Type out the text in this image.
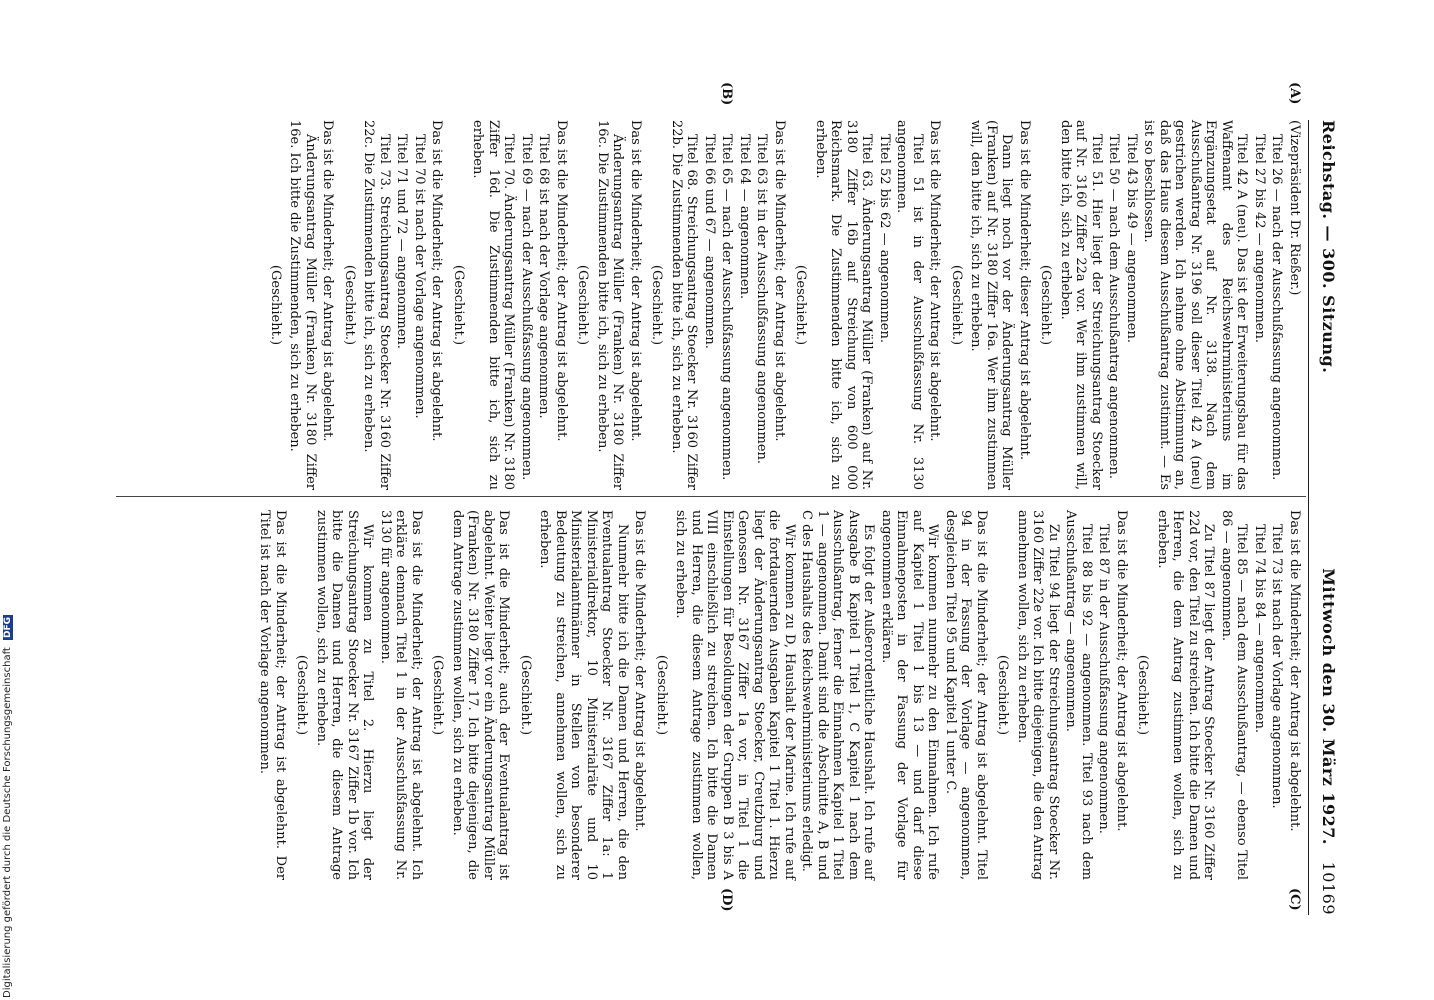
Reichstag. — 300. Sitzung.
Mittwoch den 30. März 1927.
10169
(A)
(B)
(C)
(D)
(Vizepräsident Dr. Rießer.)
Titel 26 — nach der Ausschußfassung angenommen.
Titel 27 bis 42 — angenommen.
Titel 42 A (neu). Das ist der Erweiterungsbau für das Waffenamt des Reichswehrministeriums im Ergänzungsetat auf Nr. 3138. Nach dem Ausschußantrag Nr. 3196 soll dieser Titel 42 A (neu) gestrichen werden. Ich nehme ohne Abstimmung an, daß das Haus diesem Ausschußantrag zustimmt. — Es ist so beschlossen.
Titel 43 bis 49 — angenommen.
Titel 50 — nach dem Ausschußantrag angenommen.
Titel 51. Hier liegt der Streichungsantrag Stoecker auf Nr. 3160 Ziffer 22a vor. Wer ihm zustimmen will, den bitte ich, sich zu erheben.
(Geschieht.)
Das ist die Minderheit; dieser Antrag ist abgelehnt.
Dann liegt noch vor der Änderungsantrag Müller (Franken) auf Nr. 3180 Ziffer 16a. Wer ihm zustimmen will, den bitte ich, sich zu erheben.
(Geschieht.)
Das ist die Minderheit; der Antrag ist abgelehnt.
Titel 51 ist in der Ausschußfassung Nr. 3130 angenommen.
Titel 52 bis 62 — angenommen.
Titel 63. Änderungsantrag Müller (Franken) auf Nr. 3180 Ziffer 16b auf Streichung von 600 000 Reichsmark. Die Zustimmenden bitte ich, sich zu erheben.
(Geschieht.)
Das ist die Minderheit; der Antrag ist abgelehnt.
Titel 63 ist in der Ausschußfassung angenommen.
Titel 64 — angenommen.
Titel 65 — nach der Ausschußfassung angenommen.
Titel 66 und 67 — angenommen.
Titel 68. Streichungsantrag Stoecker Nr. 3160 Ziffer 22b. Die Zustimmenden bitte ich, sich zu erheben.
(Geschieht.)
Das ist die Minderheit; der Antrag ist abgelehnt.
Änderungsantrag Müller (Franken) Nr. 3180 Ziffer 16c. Die Zustimmenden bitte ich, sich zu erheben.
(Geschieht.)
Das ist die Minderheit; der Antrag ist abgelehnt.
Titel 68 ist nach der Vorlage angenommen.
Titel 69 — nach der Ausschußfassung angenommen.
Titel 70. Änderungsantrag Müller (Franken) Nr. 3180 Ziffer 16d. Die Zustimmenden bitte ich, sich zu erheben.
(Geschieht.)
Das ist die Minderheit; der Antrag ist abgelehnt.
Titel 70 ist nach der Vorlage angenommen.
Titel 71 und 72 — angenommen.
Titel 73. Streichungsantrag Stoecker Nr. 3160 Ziffer 22c. Die Zustimmenden bitte ich, sich zu erheben.
(Geschieht.)
Das ist die Minderheit; der Antrag ist abgelehnt.
Änderungsantrag Müller (Franken) Nr. 3180 Ziffer 16e. Ich bitte die Zustimmenden, sich zu erheben.
(Geschieht.)
Das ist die Minderheit; der Antrag ist abgelehnt.
Titel 73 ist nach der Vorlage angenommen.
Titel 74 bis 84 — angenommen.
Titel 85 — nach dem Ausschußantrag, — ebenso Titel 86 — angenommen.
Zu Titel 87 liegt der Antrag Stoecker Nr. 3160 Ziffer 22d vor, den Titel zu streichen. Ich bitte die Damen und Herren, die dem Antrag zustimmen wollen, sich zu erheben.
(Geschieht.)
Das ist die Minderheit; der Antrag ist abgelehnt.
Titel 87 in der Ausschußfassung angenommen.
Titel 88 bis 92 — angenommen. Titel 93 nach dem Ausschußantrag — angenommen.
Zu Titel 94 liegt der Streichungsantrag Stoecker Nr. 3160 Ziffer 22e vor. Ich bitte diejenigen, die den Antrag annehmen wollen, sich zu erheben.
(Geschieht.)
Das ist die Minderheit; der Antrag ist abgelehnt. Titel 94 in der Fassung der Vorlage — angenommen, desgleichen Titel 95 und Kapitel 1 unter C.
Wir kommen nunmehr zu den Einnahmen. Ich rufe auf Kapitel 1 Titel 1 bis 13 — und darf diese Einnahmeposten in der Fassung der Vorlage für angenommen erklären.
Es folgt der Außerordentliche Haushalt. Ich rufe auf Ausgabe B Kapitel 1 Titel 1, C Kapitel 1 nach dem Ausschußantrag, ferner die Einnahmen Kapitel 1 Titel 1 — angenommen. Damit sind die Abschnitte A, B und C des Haushalts des Reichswehrministeriums erledigt.
Wir kommen zu D, Haushalt der Marine. Ich rufe auf die fortdauernden Ausgaben Kapitel 1 Titel 1. Hierzu liegt der Änderungsantrag Stoecker, Creutzburg und Genossen Nr. 3167 Ziffer 1a vor, in Titel 1 die Einstellungen für Besoldungen der Gruppen B 3 bis A VIII einschließlich zu streichen. Ich bitte die Damen und Herren, die diesem Antrage zustimmen wollen, sich zu erheben.
(Geschieht.)
Das ist die Minderheit; der Antrag ist abgelehnt.
Nunmehr bitte ich die Damen und Herren, die den Eventualantrag Stoecker Nr. 3167 Ziffer 1a: 1 Ministerialdirektor, 10 Ministerialräte und 10 Ministerialamtmänner in Stellen von besonderer Bedeutung zu streichen, annehmen wollen, sich zu erheben.
(Geschieht.)
Das ist die Minderheit; auch der Eventualantrag ist abgelehnt. Weiter liegt vor ein Änderungsantrag Müller (Franken) Nr. 3180 Ziffer 17. Ich bitte diejenigen, die dem Antrage zustimmen wollen, sich zu erheben.
(Geschieht.)
Das ist die Minderheit; der Antrag ist abgelehnt. Ich erkläre demnach Titel 1 in der Ausschußfassung Nr. 3130 für angenommen.
Wir kommen zu Titel 2. Hierzu liegt der Streichungsantrag Stoecker Nr. 3167 Ziffer 1b vor. Ich bitte die Damen und Herren, die diesem Antrage zustimmen wollen, sich zu erheben.
(Geschieht.)
Das ist die Minderheit; der Antrag ist abgelehnt. Der Titel ist nach der Vorlage angenommen.
Digitalisierung gefördert durch die Deutsche Forschungsgemeinschaft DFG
